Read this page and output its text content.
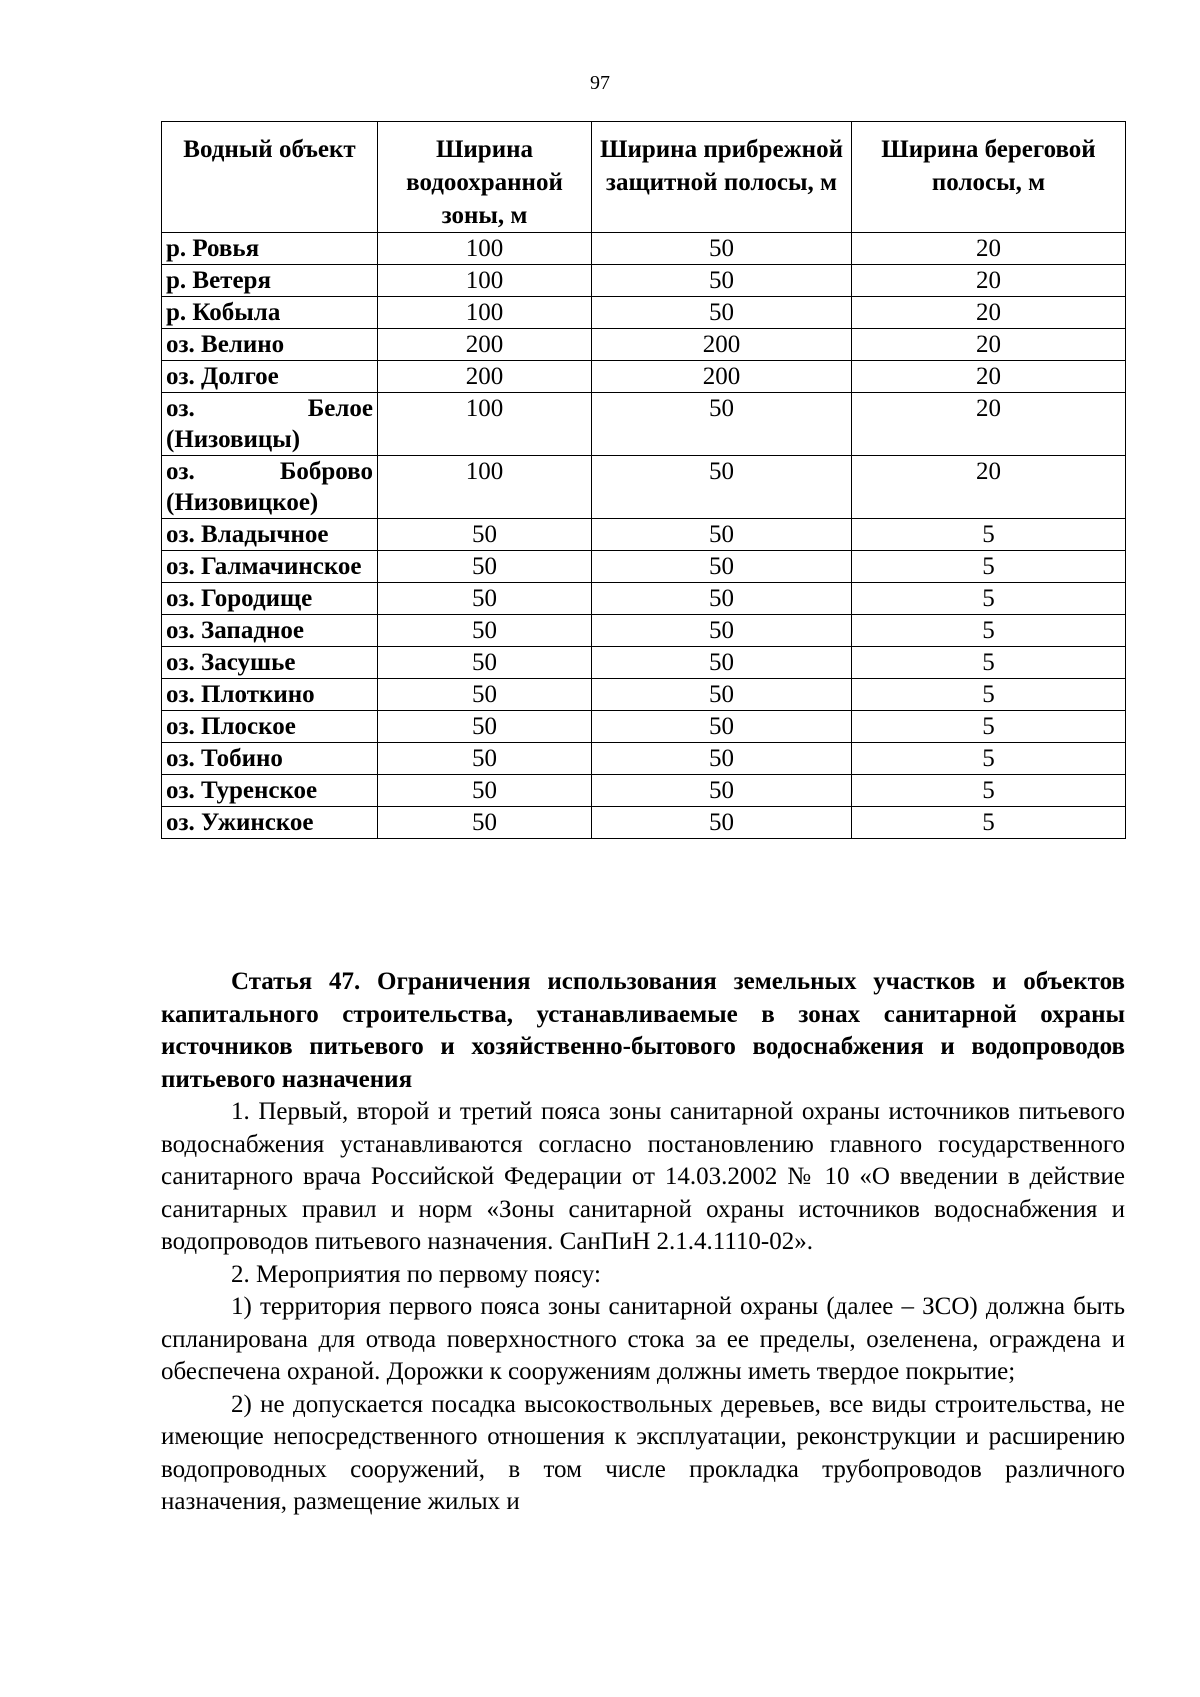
97
Водный объект	Ширина водоохранной зоны, м	Ширина прибрежной защитной полосы, м	Ширина береговой полосы, м
р. Ровья	100	50	20
р. Ветеря	100	50	20
р. Кобыла	100	50	20
оз. Велино	200	200	20
оз. Долгое	200	200	20
оз. Белое (Низовицы)	100	50	20
оз. Боброво (Низовицкое)	100	50	20
оз. Владычное	50	50	5
оз. Галмачинское	50	50	5
оз. Городище	50	50	5
оз. Западное	50	50	5
оз. Засушье	50	50	5
оз. Плоткино	50	50	5
оз. Плоское	50	50	5
оз. Тобино	50	50	5
оз. Туренское	50	50	5
оз. Ужинское	50	50	5

Статья 47. Ограничения использования земельных участков и объектов капитального строительства, устанавливаемые в зонах санитарной охраны источников питьевого и хозяйственно-бытового водоснабжения и водопроводов питьевого назначения

1. Первый, второй и третий пояса зоны санитарной охраны источников питьевого водоснабжения устанавливаются согласно постановлению главного государственного санитарного врача Российской Федерации от 14.03.2002 № 10 «О введении в действие санитарных правил и норм «Зоны санитарной охраны источников водоснабжения и водопроводов питьевого назначения. СанПиН 2.1.4.1110-02».

2. Мероприятия по первому поясу:

1) территория первого пояса зоны санитарной охраны (далее – ЗСО) должна быть спланирована для отвода поверхностного стока за ее пределы, озеленена, ограждена и обеспечена охраной. Дорожки к сооружениям должны иметь твердое покрытие;

2) не допускается посадка высокоствольных деревьев, все виды строительства, не имеющие непосредственного отношения к эксплуатации, реконструкции и расширению водопроводных сооружений, в том числе прокладка трубопроводов различного назначения, размещение жилых и
